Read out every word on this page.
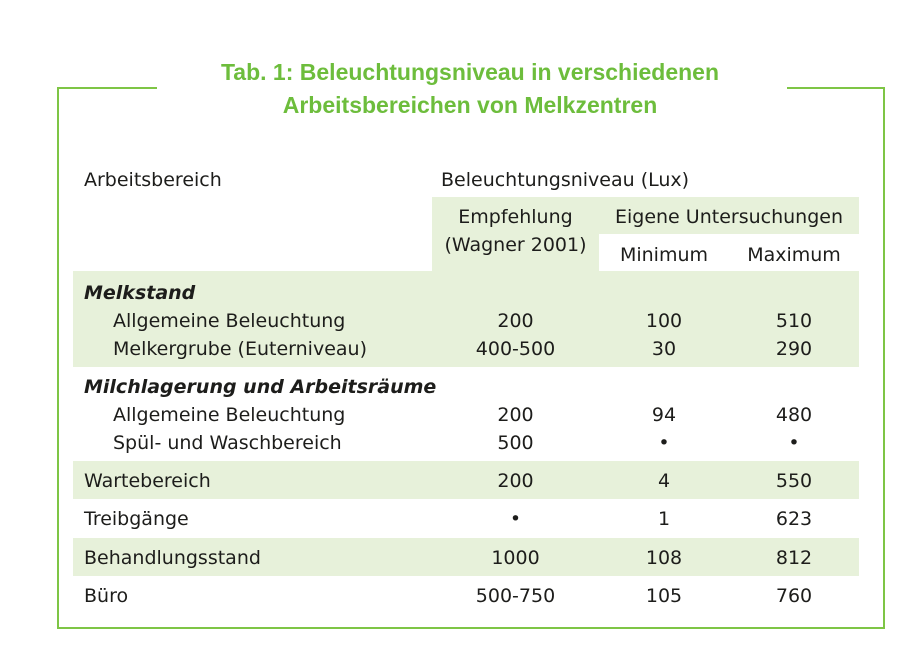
Tab. 1: Beleuchtungsniveau in verschiedenen
Arbeitsbereichen von Melkzentren
Arbeitsbereich	Beleuchtungsniveau (Lux)
Empfehlung
(Wagner 2001)
Eigene Untersuchungen
Minimum	Maximum
Melkstand
Allgemeine Beleuchtung	200	100	510
Melkergrube (Euterniveau)	400-500	30	290
Milchlagerung und Arbeitsräume
Allgemeine Beleuchtung	200	94	480
Spül- und Waschbereich	500	•	•
Wartebereich	200	4	550
Treibgänge	•	1	623
Behandlungsstand	1000	108	812
Büro	500-750	105	760
